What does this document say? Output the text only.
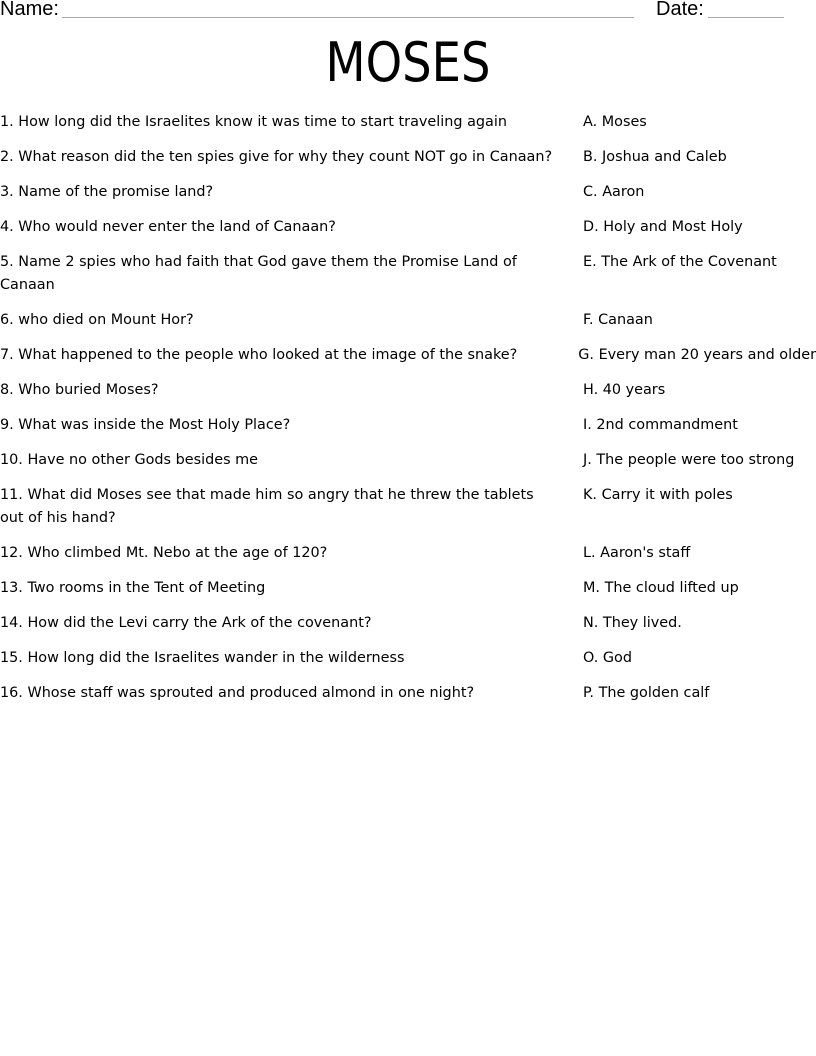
Name:	Date:
MOSES
1. How long did the Israelites know it was time to start traveling again	A. Moses
2. What reason did the ten spies give for why they count NOT go in Canaan?	B. Joshua and Caleb
3. Name of the promise land?	C. Aaron
4. Who would never enter the land of Canaan?	D. Holy and Most Holy
5. Name 2 spies who had faith that God gave them the Promise Land of Canaan
E. The Ark of the Covenant
6. who died on Mount Hor?	F. Canaan
7. What happened to the people who looked at the image of the snake?	G. Every man 20 years and older
8. Who buried Moses?	H. 40 years
9. What was inside the Most Holy Place?	I. 2nd commandment
10. Have no other Gods besides me	J. The people were too strong
11. What did Moses see that made him so angry that he threw the tablets out of his hand?
K. Carry it with poles
12. Who climbed Mt. Nebo at the age of 120?	L. Aaron's staff
13. Two rooms in the Tent of Meeting	M. The cloud lifted up
14. How did the Levi carry the Ark of the covenant?	N. They lived.
15. How long did the Israelites wander in the wilderness	O. God
16. Whose staff was sprouted and produced almond in one night?	P. The golden calf
